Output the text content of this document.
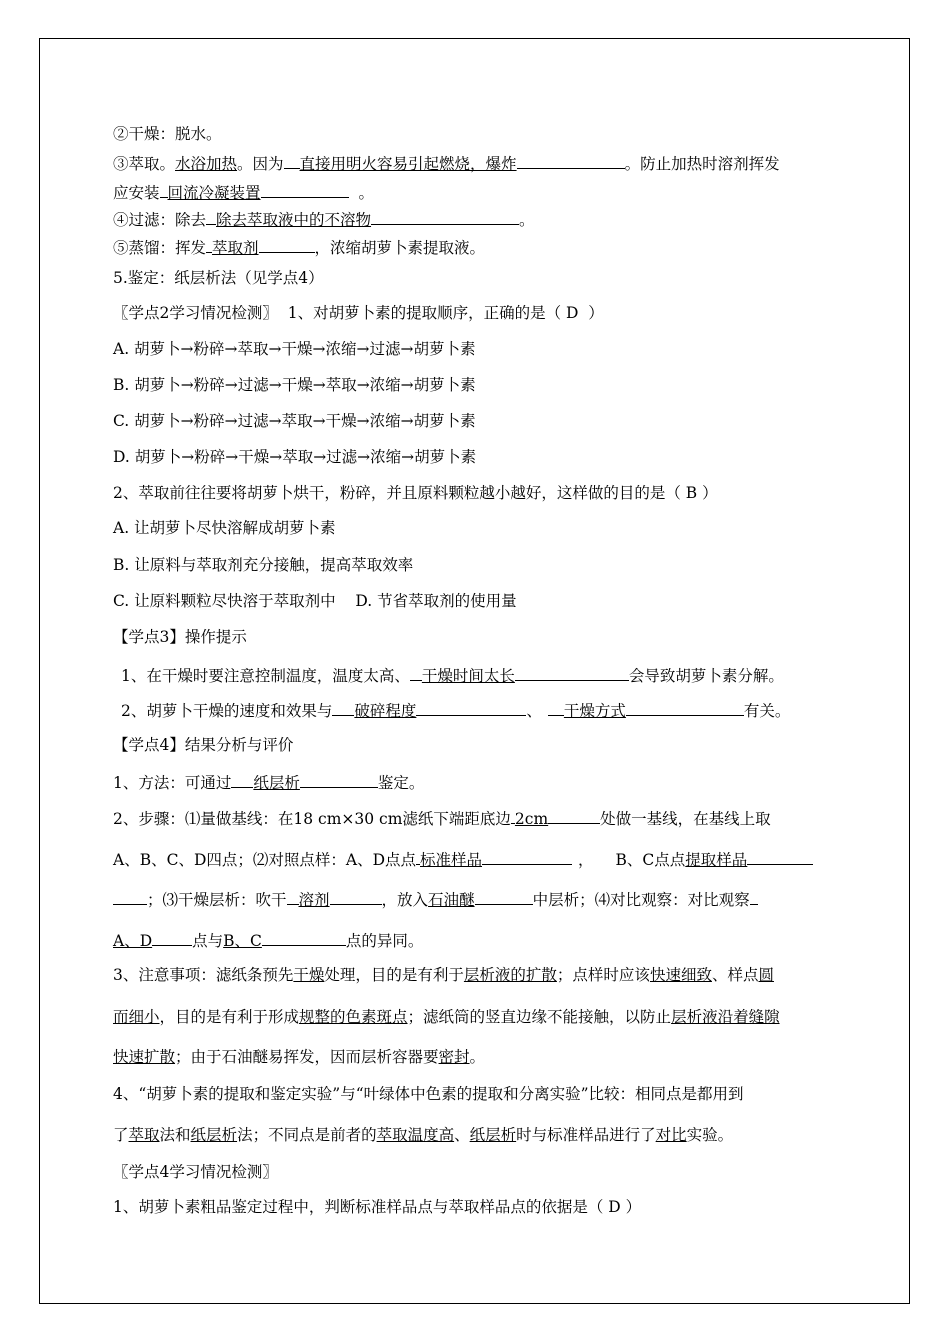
②干燥：脱水。
③萃取。水浴加热。因为 直接用明火容易引起燃烧，爆炸	。防止加热时溶剂挥发
应安装 回流冷凝装置	。
④过滤：除去 除去萃取液中的不溶物	。
⑤蒸馏：挥发 萃取剂	，浓缩胡萝卜素提取液。
5.鉴定：纸层析法（见学点4）
〖学点2学习情况检测〗  1、对胡萝卜素的提取顺序，正确的是（ D  ）
A. 胡萝卜→粉碎→萃取→干燥→浓缩→过滤→胡萝卜素
B. 胡萝卜→粉碎→过滤→干燥→萃取→浓缩→胡萝卜素
C. 胡萝卜→粉碎→过滤→萃取→干燥→浓缩→胡萝卜素
D. 胡萝卜→粉碎→干燥→萃取→过滤→浓缩→胡萝卜素
2、萃取前往往要将胡萝卜烘干，粉碎，并且原料颗粒越小越好，这样做的目的是（ B ）
A. 让胡萝卜尽快溶解成胡萝卜素
B. 让原料与萃取剂充分接触，提高萃取效率
C. 让原料颗粒尽快溶于萃取剂中    D. 节省萃取剂的使用量
【学点3】操作提示
1、在干燥时要注意控制温度，温度太高、 干燥时间太长	会导致胡萝卜素分解。
2、胡萝卜干燥的速度和效果与 破碎程度	、 干燥方式	有关。
【学点4】结果分析与评价
1、方法：可通过 纸层析	鉴定。
2、步骤：⑴量做基线：在18 cm×30 cm滤纸下端距底边 2cm	处做一基线，在基线上取
A、B、C、D四点；⑵对照点样：A、D点点 标准样品	， B、C点点提取样品
；⑶干燥层析：吹干 溶剂	，放入石油醚	中层析；⑷对比观察：对比观察
A、D	点与B、C	点的异同。
3、注意事项：滤纸条预先干燥处理，目的是有利于层析液的扩散；点样时应该快速细致、样点圆
而细小，目的是有利于形成规整的色素斑点；滤纸筒的竖直边缘不能接触，以防止层析液沿着缝隙
快速扩散；由于石油醚易挥发，因而层析容器要密封。
4、“胡萝卜素的提取和鉴定实验”与“叶绿体中色素的提取和分离实验”比较：相同点是都用到
了萃取法和纸层析法；不同点是前者的萃取温度高、纸层析时与标准样品进行了对比实验。
〖学点4学习情况检测〗
1、胡萝卜素粗品鉴定过程中，判断标准样品点与萃取样品点的依据是（ D ）
